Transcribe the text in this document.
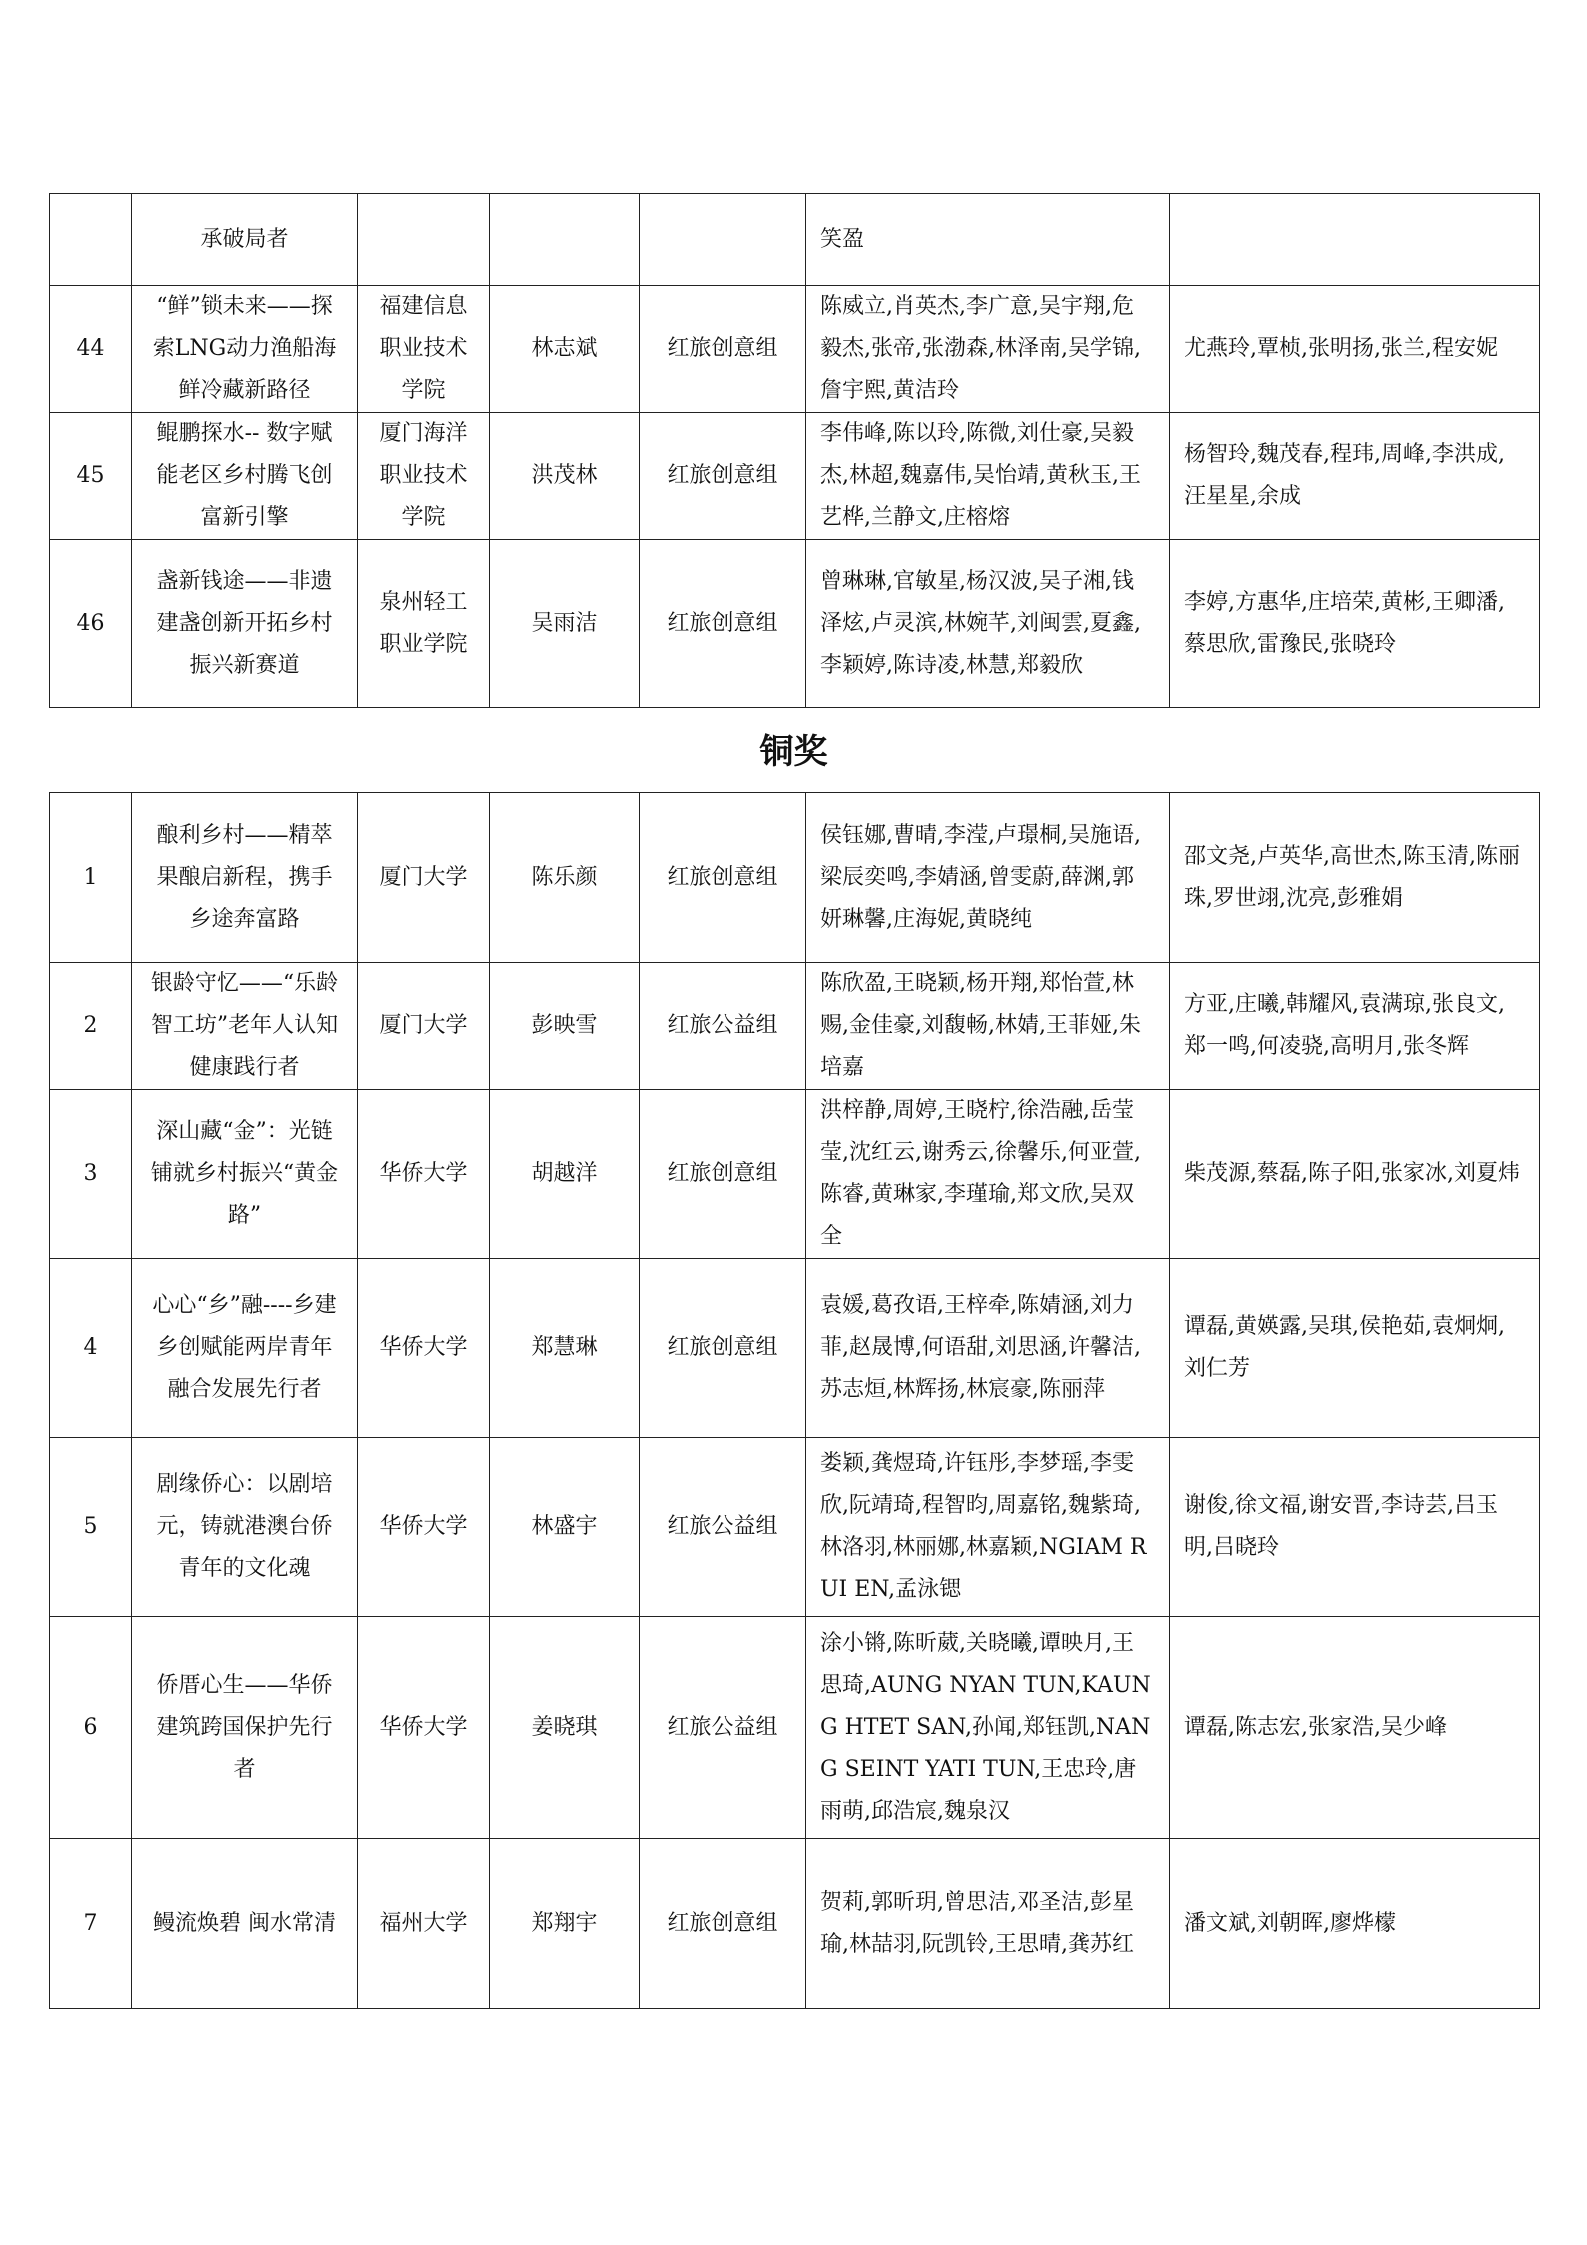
	承破局者				笑盈	
44	“鲜”锁未来——探索LNG动力渔船海鲜冷藏新路径	福建信息职业技术学院	林志斌	红旅创意组	陈威立,肖英杰,李广意,吴宇翔,危毅杰,张帝,张渤森,林泽南,吴学锦,詹宇熙,黄洁玲	尤燕玲,覃桢,张明扬,张兰,程安妮
45	鲲鹏探水-- 数字赋能老区乡村腾飞创富新引擎	厦门海洋职业技术学院	洪茂林	红旅创意组	李伟峰,陈以玲,陈微,刘仕豪,吴毅杰,林超,魏嘉伟,吴怡靖,黄秋玉,王艺桦,兰静文,庄榕熔	杨智玲,魏茂春,程玮,周峰,李洪成,汪星星,余成
46	盏新钱途——非遗建盏创新开拓乡村振兴新赛道	泉州轻工职业学院	吴雨洁	红旅创意组	曾琳琳,官敏星,杨汉波,吴子湘,钱泽炫,卢灵滨,林婉芊,刘闽雲,夏鑫,李颖婷,陈诗凌,林慧,郑毅欣	李婷,方惠华,庄培荣,黄彬,王卿潘,蔡思欣,雷豫民,张晓玲
铜奖
1	酿利乡村——精萃果酿启新程，携手乡途奔富路	厦门大学	陈乐颜	红旅创意组	侯钰娜,曹晴,李滢,卢璟桐,吴施语,梁辰奕鸣,李婧涵,曾雯蔚,薛渊,郭妍琳馨,庄海妮,黄晓纯	邵文尧,卢英华,高世杰,陈玉清,陈丽珠,罗世翊,沈亮,彭雅娟
2	银龄守忆——“乐龄智工坊”老年人认知健康践行者	厦门大学	彭映雪	红旅公益组	陈欣盈,王晓颖,杨开翔,郑怡萱,林赐,金佳豪,刘馥畅,林婧,王菲娅,朱培嘉	方亚,庄曦,韩耀风,袁满琼,张良文,郑一鸣,何凌骁,高明月,张冬辉
3	深山藏“金”：光链铺就乡村振兴“黄金路”	华侨大学	胡越洋	红旅创意组	洪梓静,周婷,王晓柠,徐浩融,岳莹莹,沈红云,谢秀云,徐馨乐,何亚萱,陈睿,黄琳家,李瑾瑜,郑文欣,吴双全	柴茂源,蔡磊,陈子阳,张家冰,刘夏炜
4	心心“乡”融----乡建乡创赋能两岸青年融合发展先行者	华侨大学	郑慧琳	红旅创意组	袁媛,葛孜语,王梓牵,陈婧涵,刘力菲,赵晟博,何语甜,刘思涵,许馨洁,苏志烜,林辉扬,林宸豪,陈丽萍	谭磊,黄媖露,吴琪,侯艳茹,袁炯炯,刘仁芳
5	剧缘侨心：以剧培元，铸就港澳台侨青年的文化魂	华侨大学	林盛宇	红旅公益组	娄颖,龚煜琦,许钰彤,李梦瑶,李雯欣,阮靖琦,程智昀,周嘉铭,魏紫琦,林洛羽,林丽娜,林嘉颖,NGIAM RUI EN,孟泳锶	谢俊,徐文福,谢安晋,李诗芸,吕玉明,吕晓玲
6	侨厝心生——华侨建筑跨国保护先行者	华侨大学	姜晓琪	红旅公益组	涂小锵,陈昕葳,关晓曦,谭映月,王思琦,AUNG NYAN TUN,KAUNG HTET SAN,孙闻,郑钰凯,NANG SEINT YATI TUN,王忠玲,唐雨萌,邱浩宸,魏泉汉	谭磊,陈志宏,张家浩,吴少峰
7	鳗流焕碧 闽水常清	福州大学	郑翔宇	红旅创意组	贺莉,郭昕玥,曾思洁,邓圣洁,彭星瑜,林喆羽,阮凯铃,王思晴,龚苏红	潘文斌,刘朝晖,廖烨檬
